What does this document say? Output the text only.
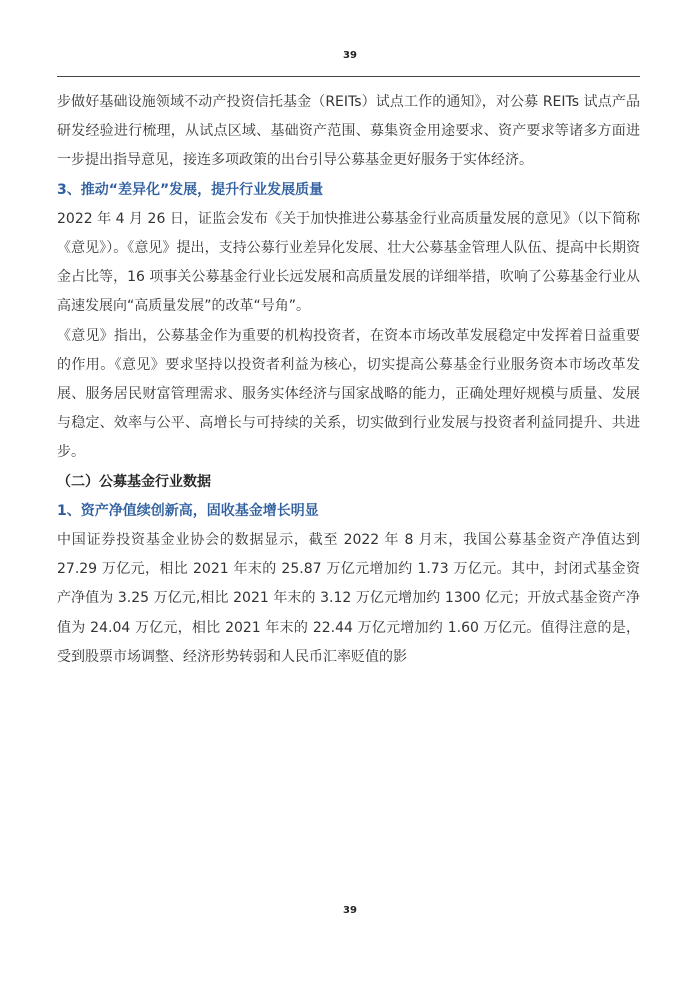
39

步做好基础设施领域不动产投资信托基金（REITs）试点工作的通知》，对公募 REITs 试点产品研发经验进行梳理，从试点区域、基础资产范围、募集资金用途要求、资产要求等诸多方面进一步提出指导意见，接连多项政策的出台引导公募基金更好服务于实体经济。

3、推动“差异化”发展，提升行业发展质量

2022 年 4 月 26 日，证监会发布《关于加快推进公募基金行业高质量发展的意见》（以下简称《意见》）。《意见》提出，支持公募行业差异化发展、壮大公募基金管理人队伍、提高中长期资金占比等，16 项事关公募基金行业长远发展和高质量发展的详细举措，吹响了公募基金行业从高速发展向“高质量发展”的改革“号角”。

《意见》指出，公募基金作为重要的机构投资者，在资本市场改革发展稳定中发挥着日益重要的作用。《意见》要求坚持以投资者利益为核心，切实提高公募基金行业服务资本市场改革发展、服务居民财富管理需求、服务实体经济与国家战略的能力，正确处理好规模与质量、发展与稳定、效率与公平、高增长与可持续的关系，切实做到行业发展与投资者利益同提升、共进步。

（二）公募基金行业数据

1、资产净值续创新高，固收基金增长明显

中国证券投资基金业协会的数据显示，截至 2022 年 8 月末，我国公募基金资产净值达到 27.29 万亿元，相比 2021 年末的 25.87 万亿元增加约 1.73 万亿元。其中，封闭式基金资产净值为 3.25 万亿元,相比 2021 年末的 3.12 万亿元增加约 1300 亿元；开放式基金资产净值为 24.04 万亿元，相比 2021 年末的 22.44 万亿元增加约 1.60 万亿元。值得注意的是，受到股票市场调整、经济形势转弱和人民币汇率贬值的影

39
